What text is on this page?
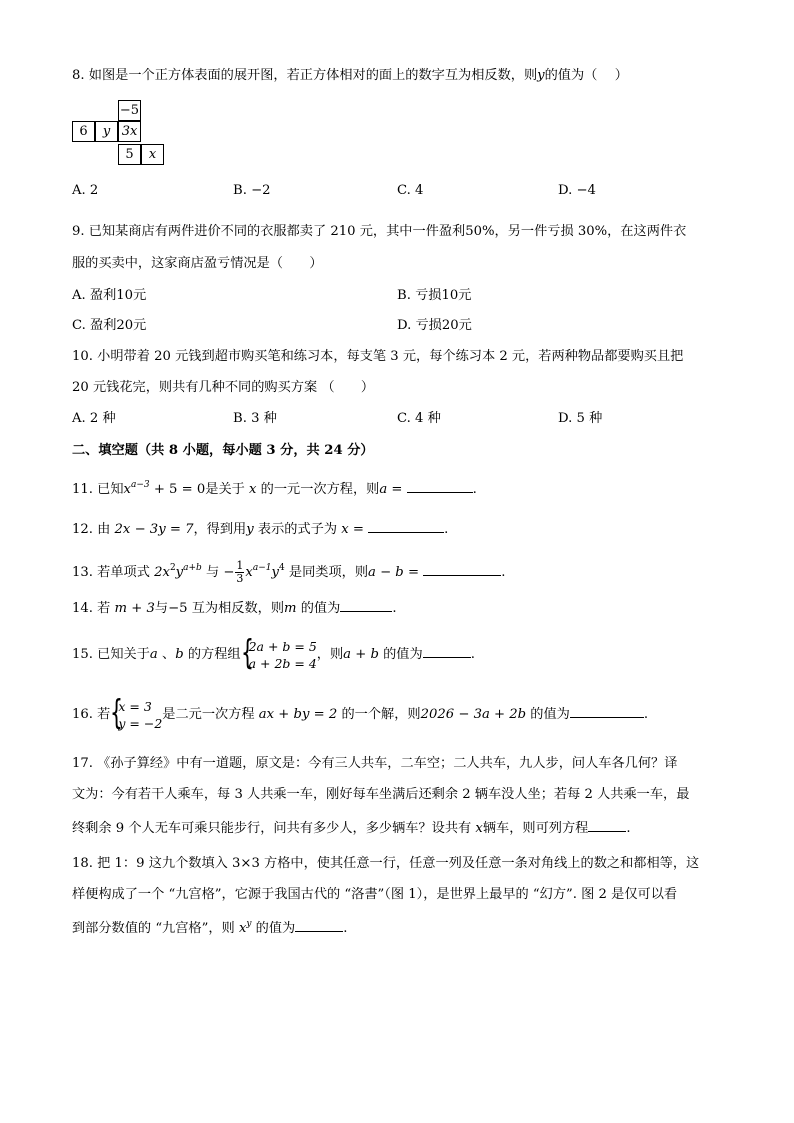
8. 如图是一个正方体表面的展开图，若正方体相对的面上的数字互为相反数，则y的值为（　 ）
−5
6	y 3x
5	x
A. 2	B. −2	C. 4	D. −4
9. 已知某商店有两件进价不同的衣服都卖了 210 元，其中一件盈利50%，另一件亏损 30%，在这两件衣
服的买卖中，这家商店盈亏情况是（　　）
A. 盈利10元	B. 亏损10元
C. 盈利20元	D. 亏损20元
10. 小明带着 20 元钱到超市购买笔和练习本，每支笔 3 元，每个练习本 2 元，若两种物品都要购买且把
20 元钱花完，则共有几种不同的购买方案 （　　）
A. 2 种	B. 3 种	C. 4 种	D. 5 种
二、填空题（共 8 小题，每小题 3 分，共 24 分）
11. 已知$x^{a-3} + 5 = 0$是关于 x 的一元一次方程，则a =	.
12. 由 2x − 3y = 7，得到用y 表示的式子为 x =	.
13. 若单项式 $2x^2y^{a+b}$ 与 − $\frac{1}{3} x^{a-1}y^4$ 是同类项，则a − b =	.
14. 若 m + 3与−5 互为相反数，则m 的值为	.
15. 已知关于a 、b 的方程组 {
2a + b = 5
a + 2b = 4
，则a + b 的值为	.
16. 若 {
x = 3
y = −2
是二元一次方程 ax + by = 2 的一个解，则2026 − 3a + 2b 的值为	.
17. 《孙子算经》中有一道题，原文是：今有三人共车，二车空；二人共车，九人步，问人车各几何？译
文为：今有若干人乘车，每 3 人共乘一车，刚好每车坐满后还剩余 2 辆车没人坐；若每 2 人共乘一车，最
终剩余 9 个人无车可乘只能步行，问共有多少人，多少辆车？设共有 x辆车，则可列方程	.
18. 把 1：9 这九个数填入 3×3 方格中，使其任意一行，任意一列及任意一条对角线上的数之和都相等，这
样便构成了一个 “九宫格”，它源于我国古代的 “洛書”（图 1），是世界上最早的 “幻方”. 图 2 是仅可以看
到部分数值的 “九宫格”，则 $x^y$ 的值为	.
